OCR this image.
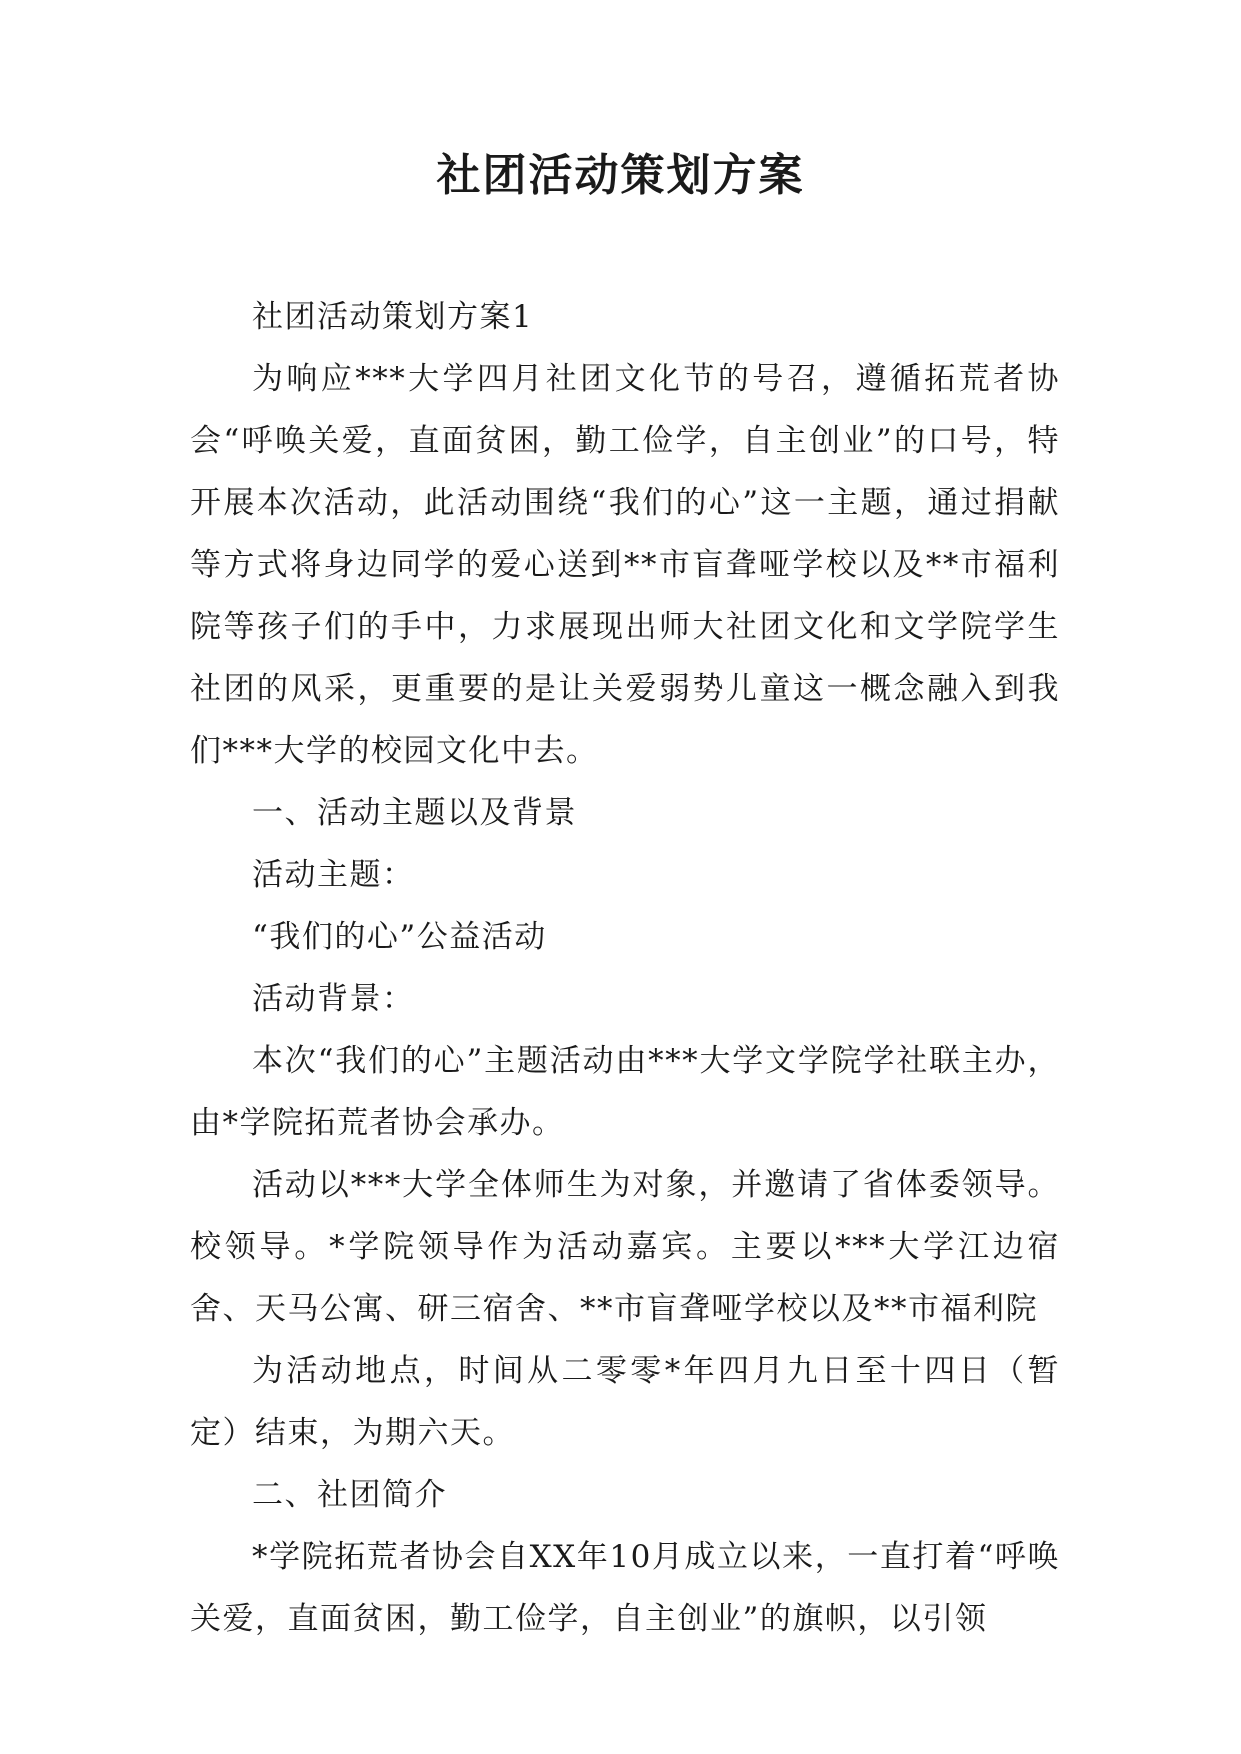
社团活动策划方案

社团活动策划方案1

为响应***大学四月社团文化节的号召，遵循拓荒者协会“呼唤关爱，直面贫困，勤工俭学，自主创业”的口号，特开展本次活动，此活动围绕“我们的心”这一主题，通过捐献等方式将身边同学的爱心送到**市盲聋哑学校以及**市福利院等孩子们的手中，力求展现出师大社团文化和文学院学生社团的风采，更重要的是让关爱弱势儿童这一概念融入到我们***大学的校园文化中去。

一、活动主题以及背景

活动主题：

“我们的心”公益活动

活动背景：

本次“我们的心”主题活动由***大学文学院学社联主办，由*学院拓荒者协会承办。

活动以***大学全体师生为对象，并邀请了省体委领导。校领导。*学院领导作为活动嘉宾。主要以***大学江边宿舍、天马公寓、研三宿舍、**市盲聋哑学校以及**市福利院

为活动地点，时间从二零零*年四月九日至十四日（暂定）结束，为期六天。

二、社团简介

*学院拓荒者协会自XX年10月成立以来，一直打着“呼唤关爱，直面贫困，勤工俭学，自主创业”的旗帜，以引领
